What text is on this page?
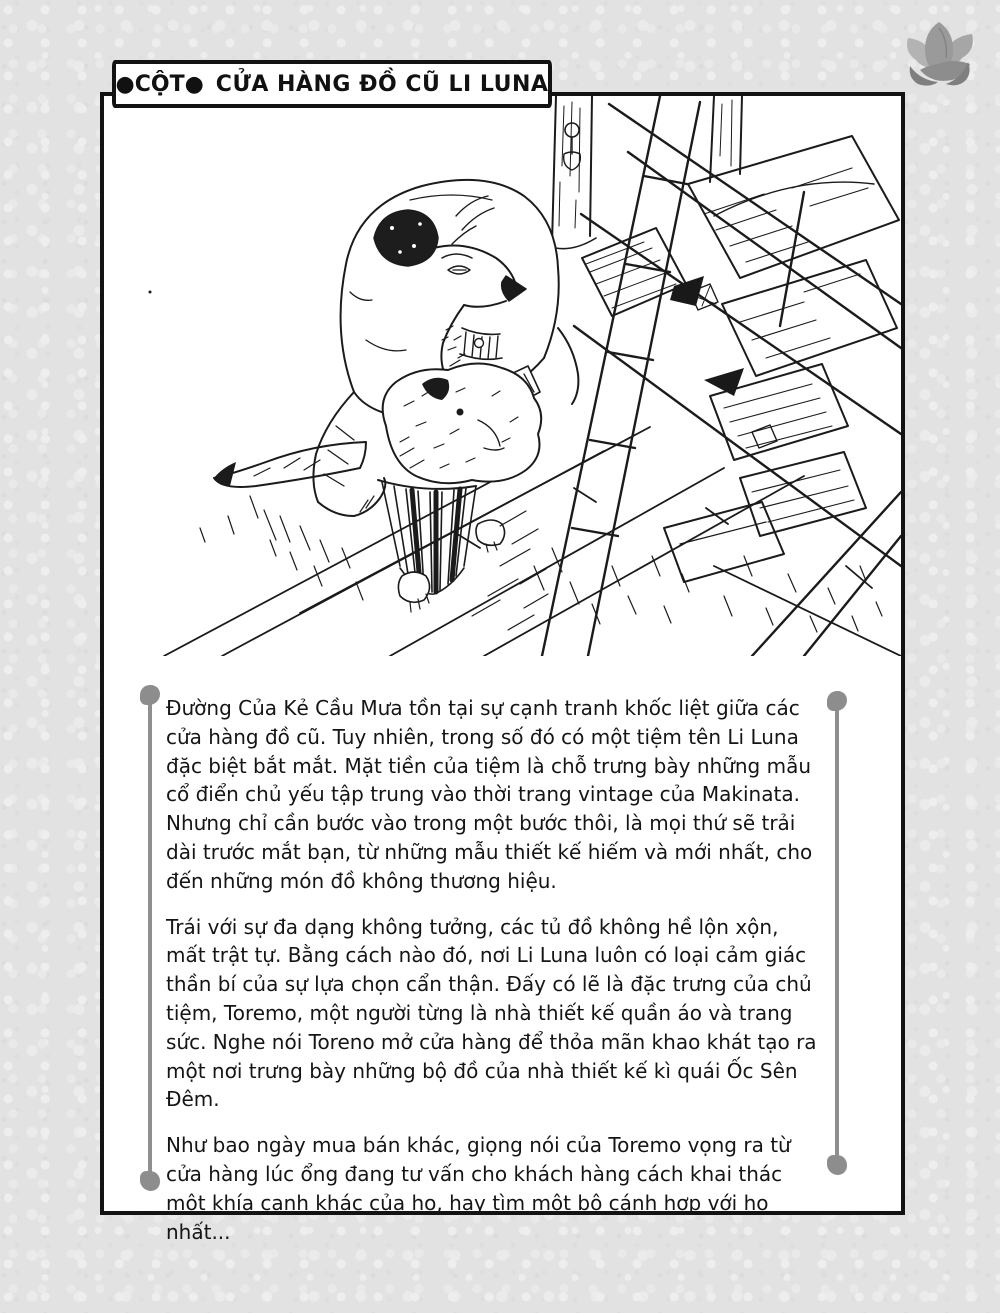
Đường Của Kẻ Cầu Mưa tồn tại sự cạnh tranh khốc liệt giữa các cửa hàng đồ cũ. Tuy nhiên, trong số đó có một tiệm tên Li Luna đặc biệt bắt mắt. Mặt tiền của tiệm là chỗ trưng bày những mẫu cổ điển chủ yếu tập trung vào thời trang vintage của Makinata. Nhưng chỉ cần bước vào trong một bước thôi, là mọi thứ sẽ trải dài trước mắt bạn, từ những mẫu thiết kế hiếm và mới nhất, cho đến những món đồ không thương hiệu.

Trái với sự đa dạng không tưởng, các tủ đồ không hề lộn xộn, mất trật tự. Bằng cách nào đó, nơi Li Luna luôn có loại cảm giác thần bí của sự lựa chọn cẩn thận. Đấy có lẽ là đặc trưng của chủ tiệm, Toremo, một người từng là nhà thiết kế quần áo và trang sức. Nghe nói Toreno mở cửa hàng để thỏa mãn khao khát tạo ra một nơi trưng bày những bộ đồ của nhà thiết kế kì quái Ốc Sên Đêm.

Như bao ngày mua bán khác, giọng nói của Toremo vọng ra từ cửa hàng lúc ổng đang tư vấn cho khách hàng cách khai thác một khía cạnh khác của họ, hay tìm một bộ cánh hợp với họ nhất...

●CỘT● CỬA HÀNG ĐỒ CŨ LI LUNA
